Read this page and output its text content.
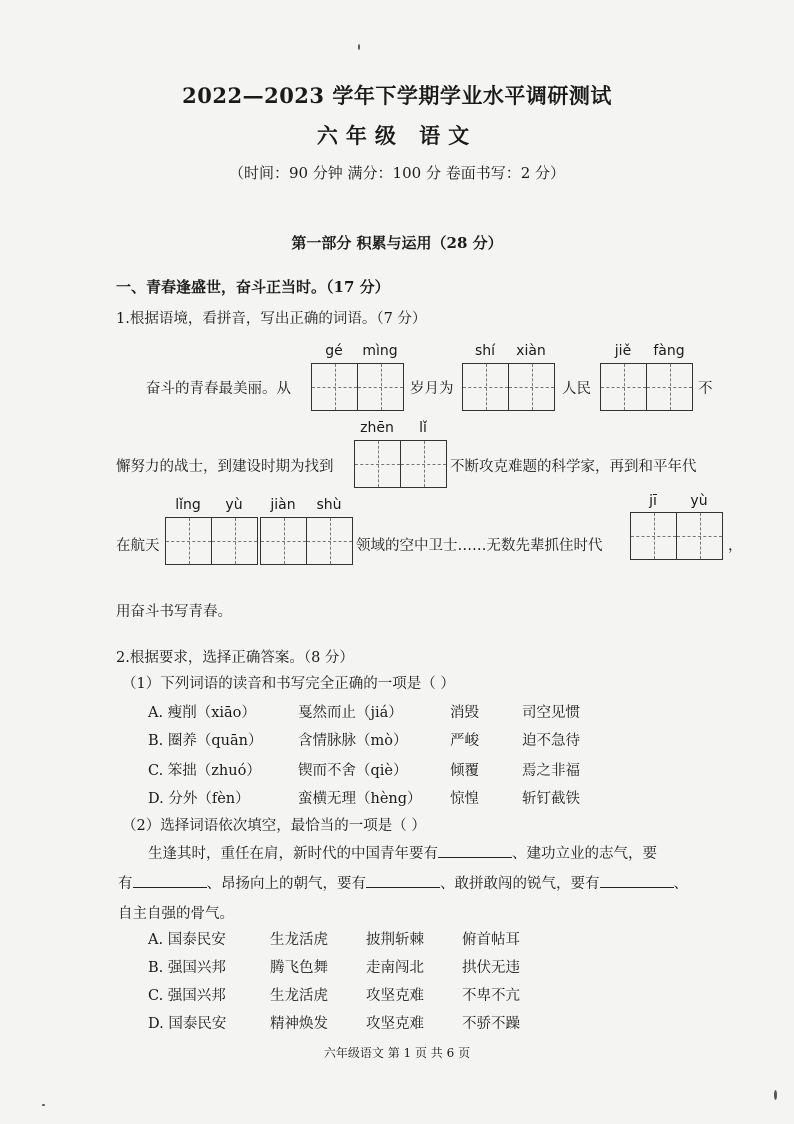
2022—2023 学年下学期学业水平调研测试
六年级 语文
（时间：90 分钟 满分：100 分 卷面书写：2 分）
第一部分 积累与运用（28 分）
一、青春逢盛世，奋斗正当时。（17 分）
1.根据语境，看拼音，写出正确的词语。（7 分）
gé	mìng	shí	xiàn	jiě	fàng
奋斗的青春最美丽。从	岁月为	人民	不
zhēn	lǐ
懈努力的战士，到建设时期为找到	不断攻克难题的科学家，再到和平年代
lǐng	yù	jiàn	shù	jī	yù
在航天	领域的空中卫士……无数先辈抓住时代	，
用奋斗书写青春。
2.根据要求，选择正确答案。（8 分）
（1）下列词语的读音和书写完全正确的一项是（ ）
A. 瘦削（xiāo）	戛然而止（jiá）	消毁	司空见惯
B. 圈养（quān） 含情脉脉（mò）	严峻	迫不急待
C. 笨拙（zhuó）	锲而不舍（qiè）	倾覆	焉之非福
D. 分外（fèn）	蛮横无理（hèng） 惊惶	斩钉截铁
（2）选择词语依次填空，最恰当的一项是（ ）
生逢其时，重任在肩，新时代的中国青年要有	、建功立业的志气，要
有	、昂扬向上的朝气，要有	、敢拼敢闯的锐气，要有	、
自主自强的骨气。
A. 国泰民安	生龙活虎	披荆斩棘	俯首帖耳
B. 强国兴邦	腾飞色舞	走南闯北	拱伏无违
C. 强国兴邦	生龙活虎	攻坚克难	不卑不亢
D. 国泰民安	精神焕发	攻坚克难	不骄不躁
六年级语文 第 1 页 共 6 页
